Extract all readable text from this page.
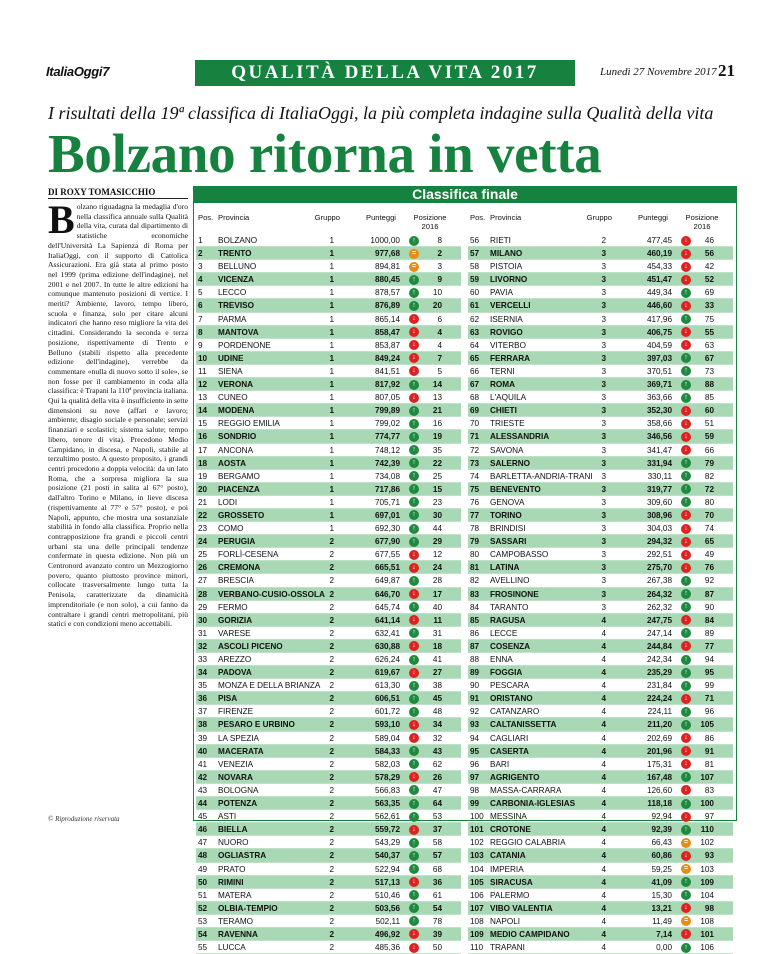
ItaliaOggi7	QUALITÀ DELLA VITA 2017	Lunedì 27 Novembre 2017 21
I risultati della 19ª classifica di ItaliaOggi, la più completa indagine sulla Qualità della vita
Bolzano ritorna in vetta
DI ROXY TOMASICCHIO
Bolzano riguadagna la medaglia d'oro nella classifica annuale sulla Qualità della vita, curata dal dipartimento di statistiche economiche dell'Università La Sapienza di Roma per ItaliaOggi, con il supporto di Cattolica Assicurazioni. Era già stata al primo posto nel 1999 (prima edizione dell'indagine), nel 2001 e nel 2007. In tutte le altre edizioni ha comunque mantenuto posizioni di vertice. I meriti? Ambiente, lavoro, tempo libero, scuola e finanza, solo per citare alcuni indicatori che hanno reso migliore la vita dei cittadini. Considerando la seconda e terza posizione, rispettivamente di Trento e Belluno (stabili rispetto alla precedente edizione dell'indagine), verrebbe da commentare «nulla di nuovo sotto il sole», se non fosse per il cambiamento in coda alla classifica: è Trapani la 110ª provincia italiana. Qui la qualità della vita è insufficiente in sette dimensioni su nove (affari e lavoro; ambiente; disagio sociale e personale; servizi finanziari e scolastici; sistema salute; tempo libero, tenore di vita). Precedono Medio Campidano, in discesa, e Napoli, stabile al terzultimo posto. A questo proposito, i grandi centri procedono a doppia velocità: da un lato Roma, che a sorpresa migliora la sua posizione (21 posti in salita al 67° posto), dall'altro Torino e Milano, in lieve discesa (rispettivamente al 77° e 57° posto), e poi Napoli, appunto, che mostra una sostanziale stabilità in fondo alla classifica. Proprio nella contrapposizione fra grandi e piccoli centri urbani sta una delle principali tendenze confermate in questa edizione. Non più un Centronord avanzato contro un Mezzogiorno povero, quanto piuttosto province minori, collocate trasversalmente lungo tutta la Penisola, caratterizzate da dinamicità imprenditoriale (e non solo), a cui fanno da contraltare i grandi centri metropolitani, più statici e con condizioni meno accettabili.
© Riproduzione riservata
Classifica finale
Pos. Provincia	Gruppo	Punteggi	Posizione
2016
1 BOLZANO	1	1000,00	↑	8
2 TRENTO	1	977,68	=	2
3 BELLUNO	1	894,81	=	3
4 VICENZA	1	880,45	↑	9
5 LECCO	1	878,57	↑	10
6 TREVISO	1	876,89	↑	20
7 PARMA	1	865,14	↓	6
8 MANTOVA	1	858,47	↓	4
9 PORDENONE	1	853,87	↓	4
10 UDINE	1	849,24	↓	7
11 SIENA	1	841,51	↓	5
12 VERONA	1	817,92	↑	14
13 CUNEO	1	807,05	↓	13
14 MODENA	1	799,89	↑	21
15 REGGIO EMILIA	1	799,02	↑	16
16 SONDRIO	1	774,77	↑	19
17 ANCONA	1	748,12	↑	35
18 AOSTA	1	742,39	↑	22
19 BERGAMO	1	734,08	↑	25
20 PIACENZA	1	717,86	↑	15
21 LODI	1	705,71	↑	23
22 GROSSETO	1	697,01	↑	30
23 COMO	1	692,30	↑	44
24 PERUGIA	2	677,90	↑	29
25 FORLÌ-CESENA	2	677,55	↓	12
26 CREMONA	2	665,51	↓	24
27 BRESCIA	2	649,87	↑	28
28 VERBANO-CUSIO-OSSOLA 2	646,70	↓	17
29 FERMO	2	645,74	↑	40
30 GORIZIA	2	641,14	↓	11
31 VARESE	2	632,41	↑	31
32 ASCOLI PICENO	2	630,88	↓	18
33 AREZZO	2	626,24	↑	41
34 PADOVA	2	619,67	↓	27
35 MONZA E DELLA BRIANZA	2	613,30	↑	38
36 PISA	2	606,51	↑	45
37 FIRENZE	2	601,72	↑	48
38 PESARO E URBINO	2	593,10	↓	34
39 LA SPEZIA	2	589,04	↓	32
40 MACERATA	2	584,33	↑	43
41 VENEZIA	2	582,03	↑	62
42 NOVARA	2	578,29	↓	26
43 BOLOGNA	2	566,83	↑	47
44 POTENZA	2	563,35	↑	64
45 ASTI	2	562,61	↑	53
46 BIELLA	2	559,72	↓	37
47 NUORO	2	543,29	↑	58
48 OGLIASTRA	2	540,37	↑	57
49 PRATO	2	522,94	↑	68
50 RIMINI	2	517,13	↓	36
51 MATERA	2	510,46	↑	61
52 OLBIA-TEMPIO	2	503,56	↑	54
53 TERAMO	2	502,11	↑	78
54 RAVENNA	2	496,92	↓	39
55 LUCCA	2	485,36	↓	50
Pos. Provincia	Gruppo	Punteggi	Posizione
2016
56 RIETI	2	477,45	↓	46
57 MILANO	3	460,19	↓	56
58 PISTOIA	3	454,33	↓	42
59 LIVORNO	3	451,47	↓	52
60 PAVIA	3	449,34	↑	69
61 VERCELLI	3	446,60	↓	33
62 ISERNIA	3	417,96	↑	75
63 ROVIGO	3	406,75	↓	55
64 VITERBO	3	404,59	↓	63
65 FERRARA	3	397,03	↑	67
66 TERNI	3	370,51	↑	73
67 ROMA	3	369,71	↑	88
68 L'AQUILA	3	363,66	↑	85
69 CHIETI	3	352,30	↓	60
70 TRIESTE	3	358,66	↓	51
71 ALESSANDRIA	3	346,56	↓	59
72 SAVONA	3	341,47	↓	66
73 SALERNO	3	331,94	↑	79
74 BARLETTA-ANDRIA-TRANI	3	330,11	↑	82
75 BENEVENTO	3	319,77	↑	72
76 GENOVA	3	309,60	↑	80
77 TORINO	3	308,96	↓	70
78 BRINDISI	3	304,03	↓	74
79 SASSARI	3	294,32	↓	65
80 CAMPOBASSO	3	292,51	↓	49
81 LATINA	3	275,70	↓	76
82 AVELLINO	3	267,38	↑	92
83 FROSINONE	3	264,32	↑	87
84 TARANTO	3	262,32	↑	90
85 RAGUSA	4	247,75	↓	84
86 LECCE	4	247,14	↑	89
87 COSENZA	4	244,84	↓	77
88 ENNA	4	242,34	↑	94
89 FOGGIA	4	235,29	↑	95
90 PESCARA	4	231,84	↑	99
91 ORISTANO	4	224,24	↓	71
92 CATANZARO	4	224,11	↑	96
93 CALTANISSETTA	4	211,20	↑	105
94 CAGLIARI	4	202,69	↓	86
95 CASERTA	4	201,96	↓	91
96 BARI	4	175,31	↓	81
97 AGRIGENTO	4	167,48	↑	107
98 MASSA-CARRARA	4	126,60	↓	83
99 CARBONIA-IGLESIAS	4	118,18	↑	100
100 MESSINA	4	92,94	↓	97
101 CROTONE	4	92,39	↑	110
102 REGGIO CALABRIA	4	66,43	=	102
103 CATANIA	4	60,86	↓	93
104 IMPERIA	4	59,25	=	103
105 SIRACUSA	4	41,09	↑	109
106 PALERMO	4	15,30	↑	104
107 VIBO VALENTIA	4	13,21	↓	98
108 NAPOLI	4	11,49	=	108
109 MEDIO CAMPIDANO	4	7,14	↓	101
110 TRAPANI	4	0,00	↑	106
